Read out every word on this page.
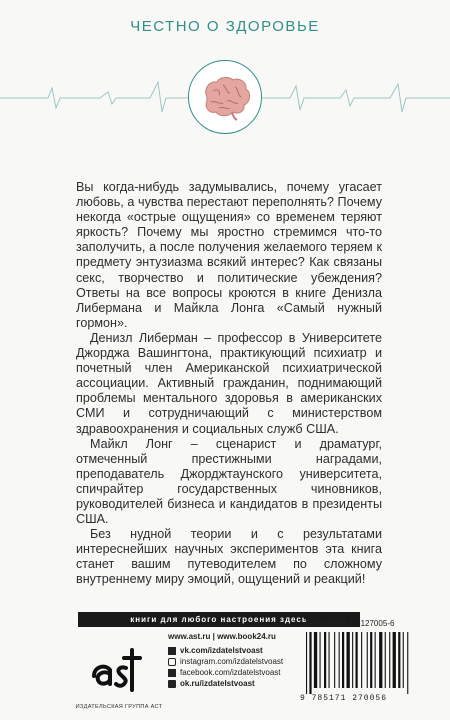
ЧЕСТНО О ЗДОРОВЬЕ

Вы когда-нибудь задумывались, почему угасает любовь, а чувства перестают переполнять? Почему некогда «острые ощущения» со временем теряют яркость? Почему мы яростно стремимся что-то заполучить, а после получения желаемого теряем к предмету энтузиазма всякий интерес? Как связаны секс, творчество и политические убеждения? Ответы на все вопросы кроются в книге Денизла Либермана и Майкла Лонга «Самый нужный гормон».

Денизл Либерман – профессор в Университете Джорджа Вашингтона, практикующий психиатр и почетный член Американской психиатрической ассоциации. Активный гражданин, поднимающий проблемы ментального здоровья в американских СМИ и сотрудничающий с министерством здравоохранения и социальных служб США.

Майкл Лонг – сценарист и драматург, отмеченный престижными наградами, преподаватель Джорджтаунского университета, спичрайтер государственных чиновников, руководителей бизнеса и кандидатов в президенты США.

Без нудной теории и с результатами интереснейших научных экспериментов эта книга станет вашим путеводителем по сложному внутреннему миру эмоций, ощущений и реакций!

книги для любого настроения здесь
ИЗДАТЕЛЬСКАЯ ГРУППА АСТ
www.ast.ru | www.book24.ru
vk.com/izdatelstvoast
instagram.com/izdatelstvoast
facebook.com/izdatelstvoast
ok.ru/izdatelstvoast
ISBN 978-5-17-127005-6
9 785171 270056
